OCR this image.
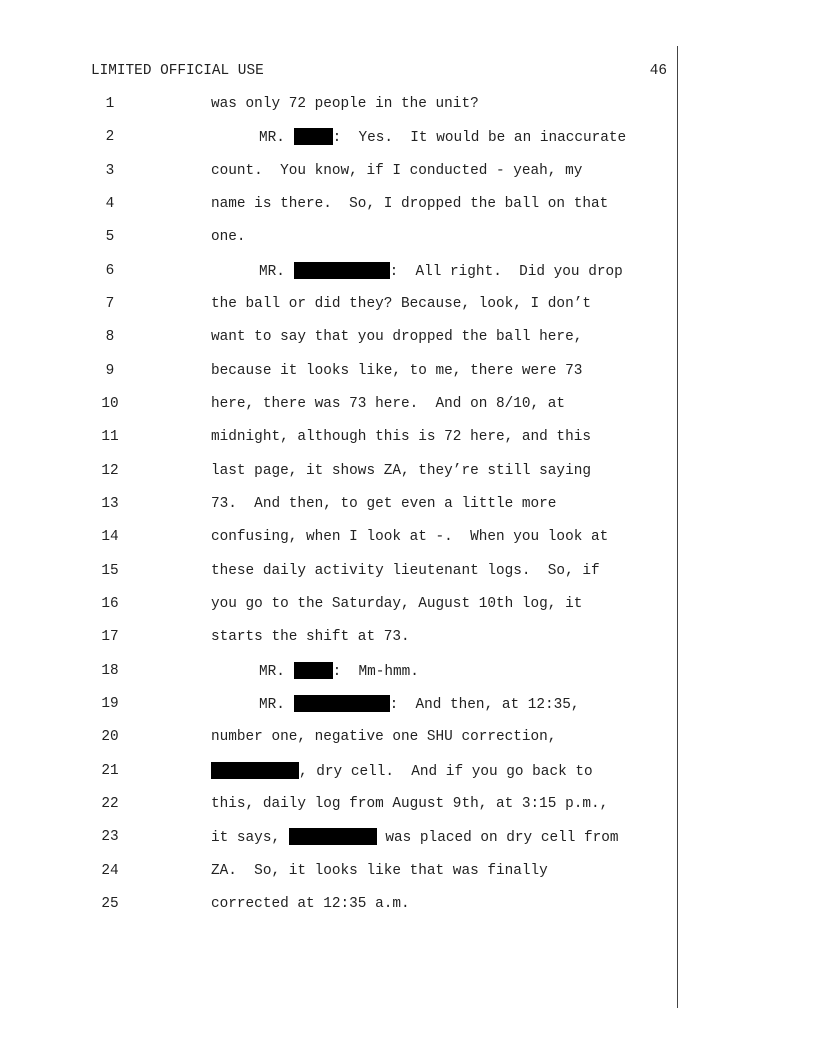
LIMITED OFFICIAL USE	46
1	was only 72 people in the unit?
2	MR.	: Yes.  It would be an inaccurate
3	count.  You know, if I conducted - yeah, my
4	name is there.  So, I dropped the ball on that
5	one.
6	MR.	: All right.  Did you drop
7	the ball or did they? Because, look, I don’t
8	want to say that you dropped the ball here,
9	because it looks like, to me, there were 73
10	here, there was 73 here.  And on 8/10, at
11	midnight, although this is 72 here, and this
12	last page, it shows ZA, they’re still saying
13	73.  And then, to get even a little more
14	confusing, when I look at -.  When you look at
15	these daily activity lieutenant logs.  So, if
16	you go to the Saturday, August 10th log, it
17	starts the shift at 73.
18	MR.	: Mm-hmm.
19	MR.	: And then, at 12:35,
20	number one, negative one SHU correction,
21	, dry cell.  And if you go back to
22	this, daily log from August 9th, at 3:15 p.m.,
23	it says,	was placed on dry cell from
24	ZA.  So, it looks like that was finally
25	corrected at 12:35 a.m.
